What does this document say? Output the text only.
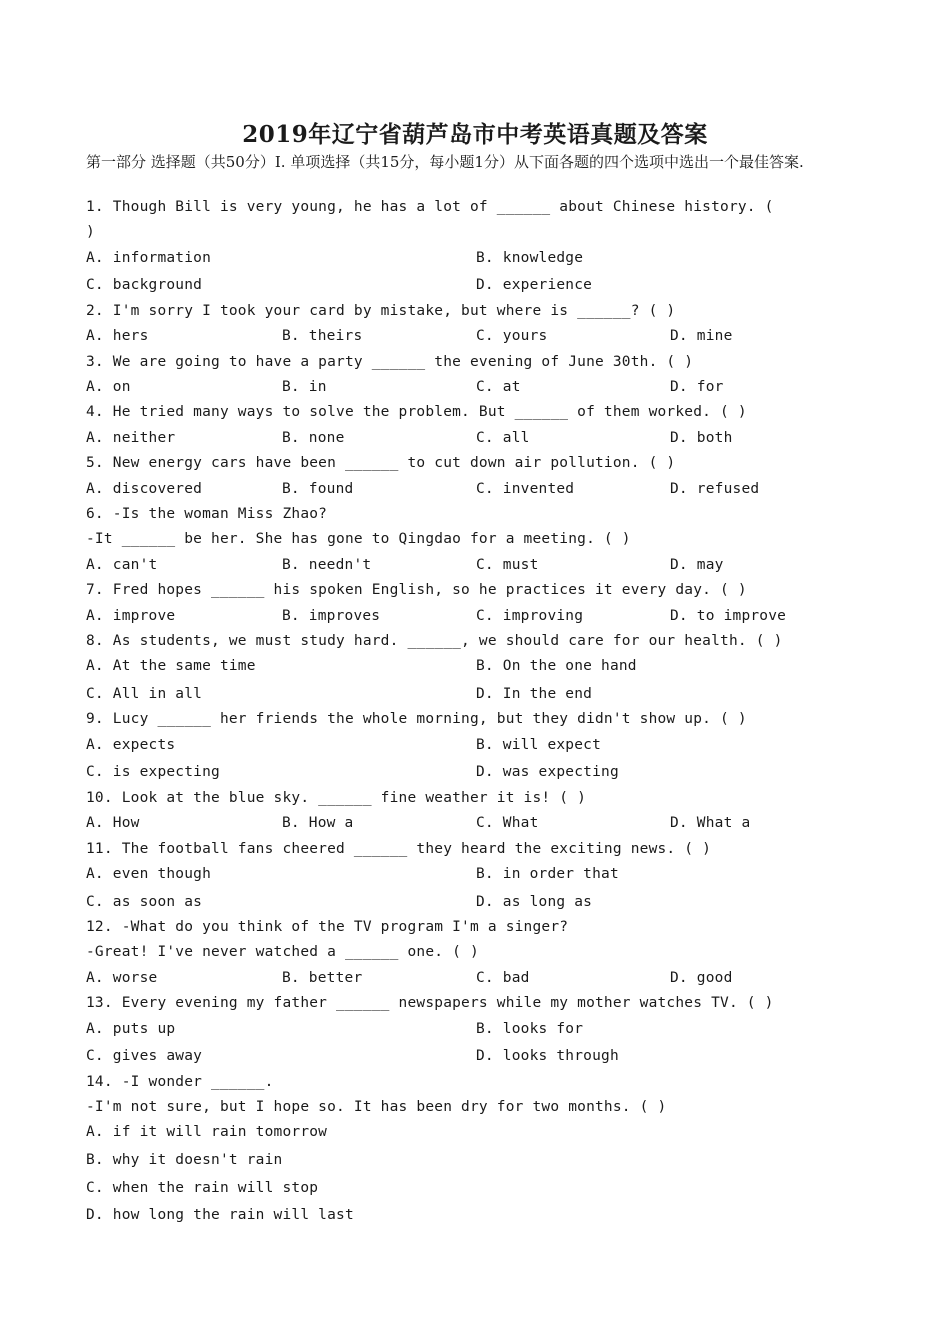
2019年辽宁省葫芦岛市中考英语真题及答案
第一部分 选择题（共50分）Ⅰ. 单项选择（共15分，每小题1分）从下面各题的四个选项中选出一个最佳答案.
1. Though Bill is very young, he has a lot of ______ about Chinese history. (
)
A. information	B. knowledge
C. background	D. experience
2. I'm sorry I took your card by mistake, but where is ______? ( )
A. hers	B. theirs	C. yours	D. mine
3. We are going to have a party ______ the evening of June 30th. ( )
A. on	B. in	C. at	D. for
4. He tried many ways to solve the problem. But ______ of them worked. ( )
A. neither	B. none	C. all	D. both
5. New energy cars have been ______ to cut down air pollution. ( )
A. discovered	B. found	C. invented	D. refused
6. -Is the woman Miss Zhao?
-It ______ be her. She has gone to Qingdao for a meeting. ( )
A. can't	B. needn't	C. must	D. may
7. Fred hopes ______ his spoken English, so he practices it every day. ( )
A. improve	B. improves	C. improving	D. to improve
8. As students, we must study hard. ______, we should care for our health. ( )
A. At the same time	B. On the one hand
C. All in all	D. In the end
9. Lucy ______ her friends the whole morning, but they didn't show up. ( )
A. expects	B. will expect
C. is expecting	D. was expecting
10. Look at the blue sky. ______ fine weather it is! ( )
A. How	B. How a	C. What	D. What a
11. The football fans cheered ______ they heard the exciting news. ( )
A. even though	B. in order that
C. as soon as	D. as long as
12. -What do you think of the TV program I'm a singer?
-Great! I've never watched a ______ one. ( )
A. worse	B. better	C. bad	D. good
13. Every evening my father ______ newspapers while my mother watches TV. ( )
A. puts up	B. looks for
C. gives away	D. looks through
14. -I wonder ______.
-I'm not sure, but I hope so. It has been dry for two months. ( )
A. if it will rain tomorrow
B. why it doesn't rain
C. when the rain will stop
D. how long the rain will last
